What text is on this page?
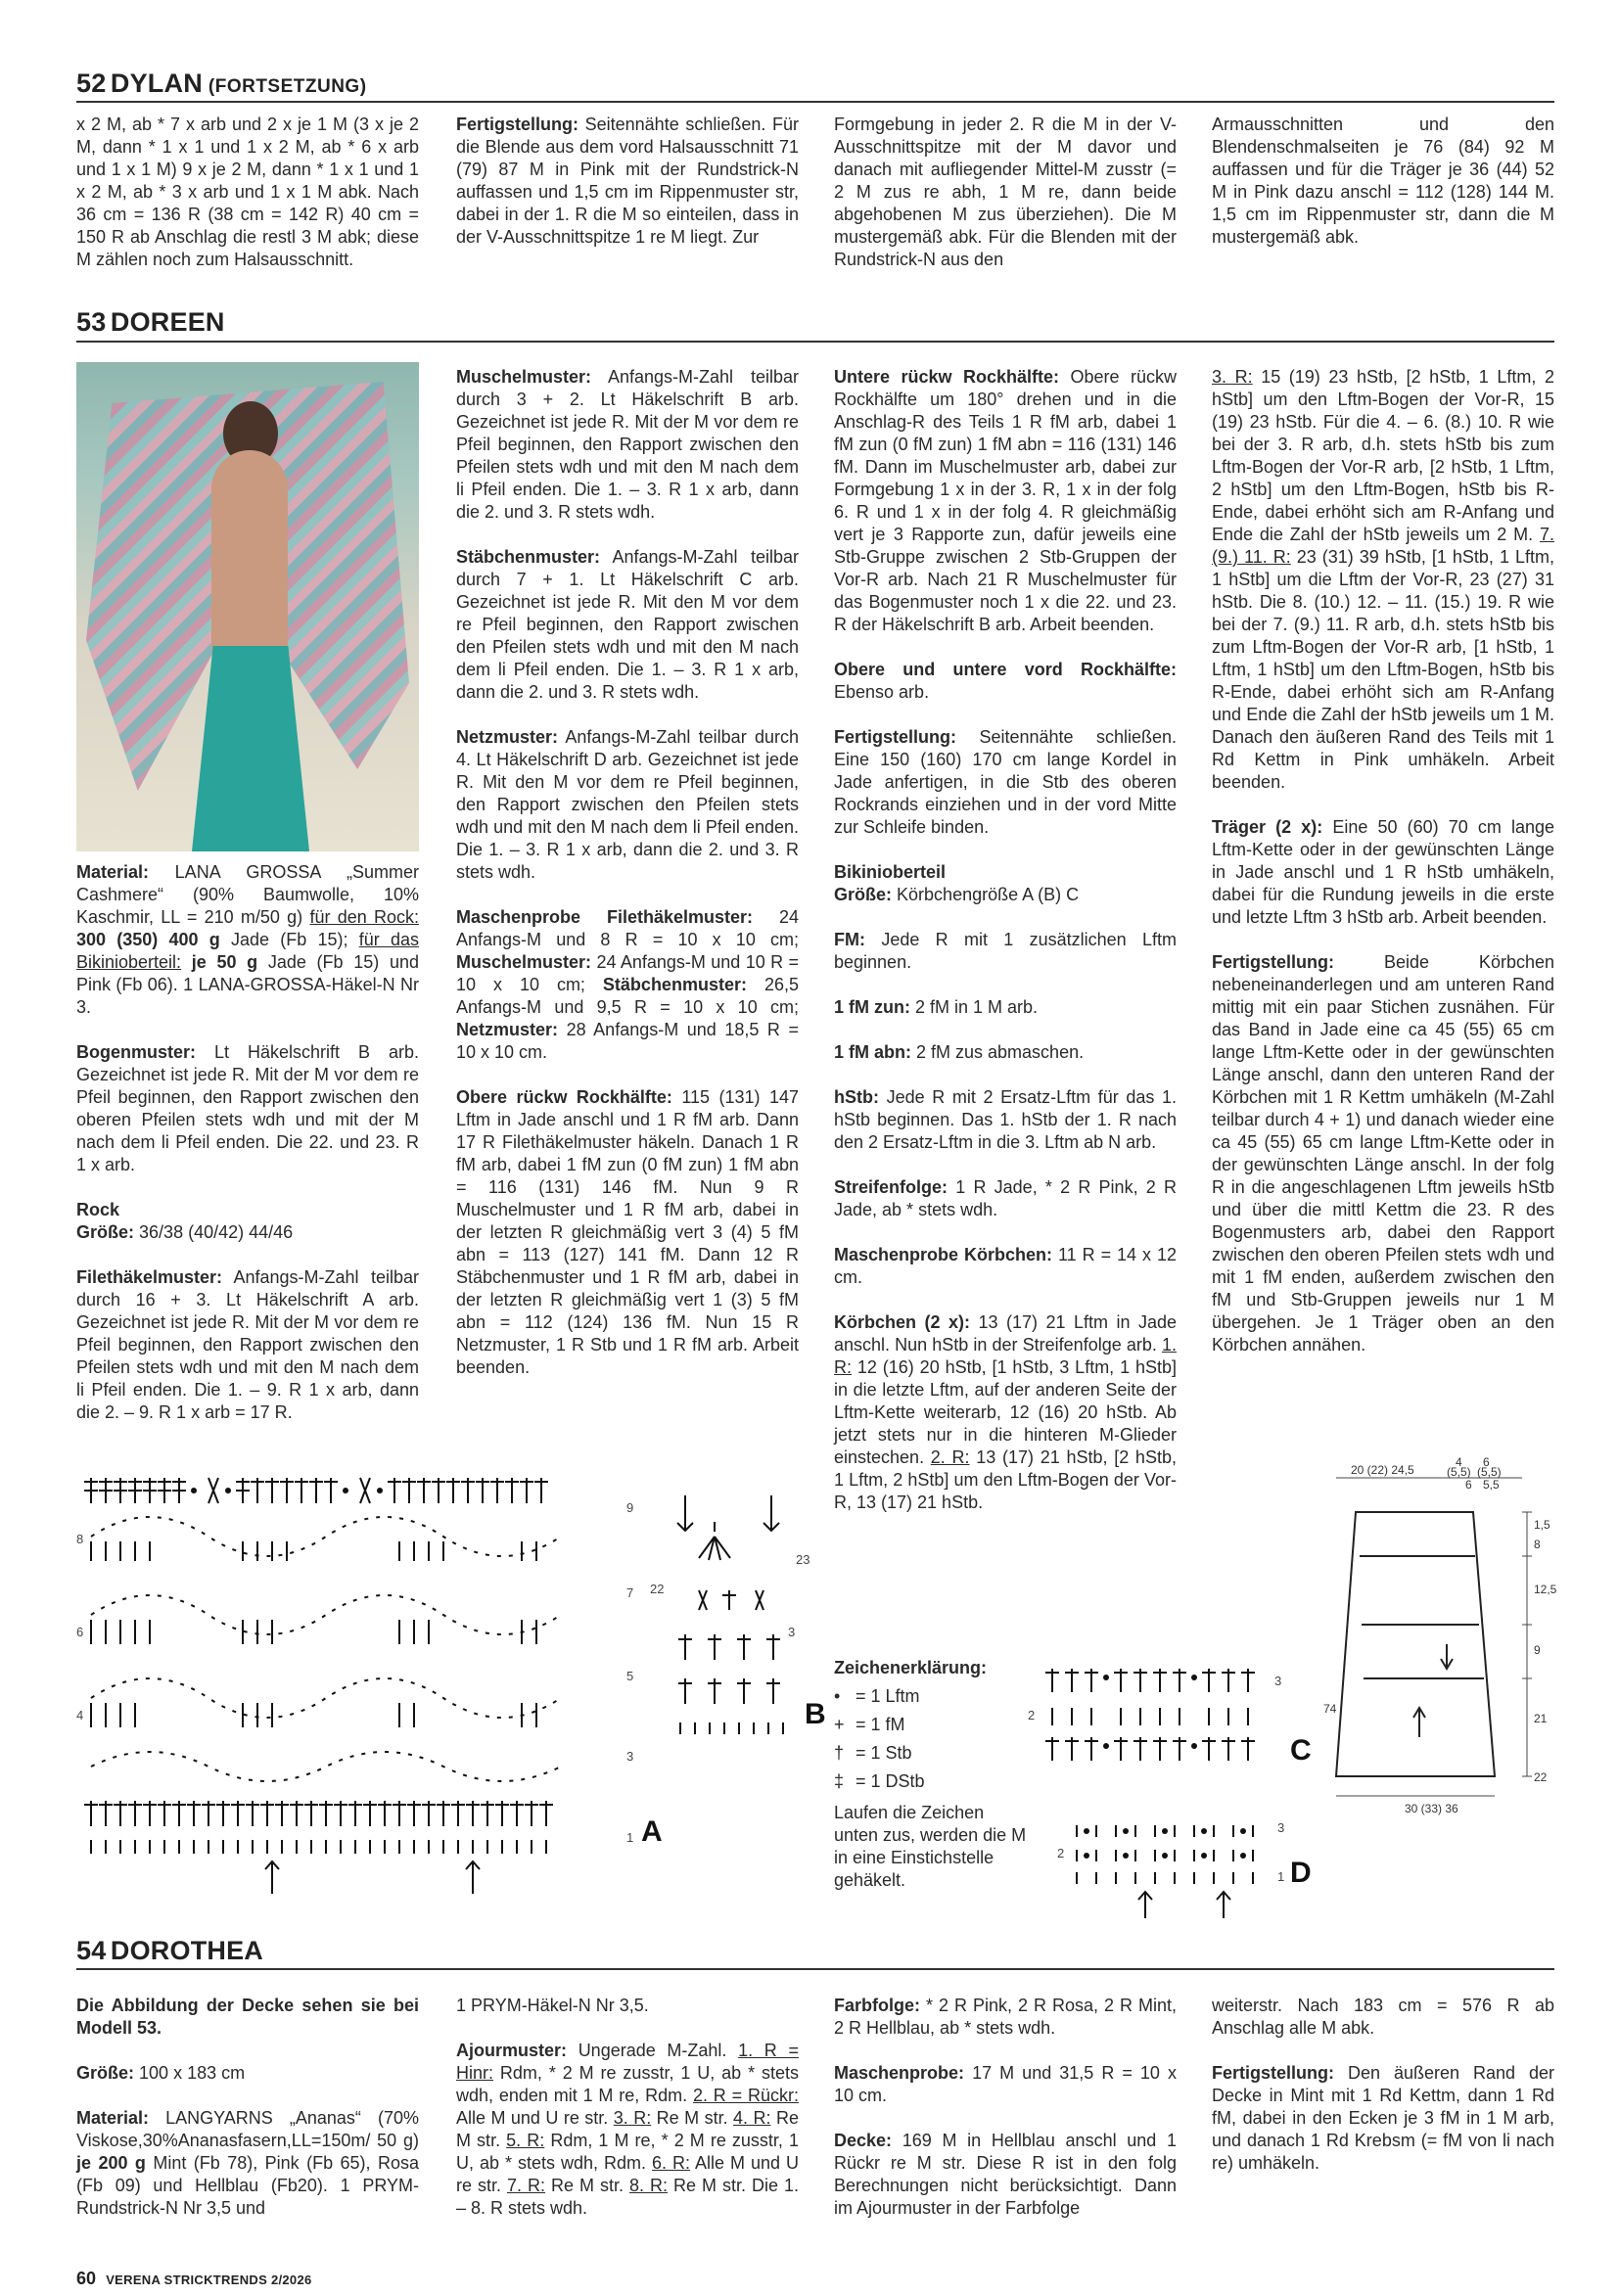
52 DYLAN (FORTSETZUNG)

x 2 M, ab * 7 x arb und 2 x je 1 M (3 x je 2 M, dann * 1 x 1 und 1 x 2 M, ab * 6 x arb und 1 x 1 M) 9 x je 2 M, dann * 1 x 1 und 1 x 2 M, ab * 3 x arb und 1 x 1 M abk. Nach 36 cm = 136 R (38 cm = 142 R) 40 cm = 150 R ab Anschlag die restl 3 M abk; diese M zählen noch zum Halsausschnitt.

Fertigstellung: Seitennähte schließen. Für die Blende aus dem vord Halsausschnitt 71 (79) 87 M in Pink mit der Rundstrick-N auffassen und 1,5 cm im Rippenmuster str, dabei in der 1. R die M so einteilen, dass in der V-Ausschnittspitze 1 re M liegt. Zur

Formgebung in jeder 2. R die M in der V-Ausschnittspitze mit der M davor und danach mit aufliegender Mittel-M zusstr (= 2 M zus re abh, 1 M re, dann beide abgehobenen M zus überziehen). Die M mustergemäß abk. Für die Blenden mit der Rundstrick-N aus den

Armausschnitten und den Blendenschmalseiten je 76 (84) 92 M auffassen und für die Träger je 36 (44) 52 M in Pink dazu anschl = 112 (128) 144 M. 1,5 cm im Rippenmuster str, dann die M mustergemäß abk.

53 DOREEN

Material: LANA GROSSA „Summer Cashmere“ (90% Baumwolle, 10% Kaschmir, LL = 210 m/50 g) für den Rock: 300 (350) 400 g Jade (Fb 15); für das Bikinioberteil: je 50 g Jade (Fb 15) und Pink (Fb 06). 1 LANA-GROSSA-Häkel-N Nr 3.

Bogenmuster: Lt Häkelschrift B arb. Gezeichnet ist jede R. Mit der M vor dem re Pfeil beginnen, den Rapport zwischen den oberen Pfeilen stets wdh und mit der M nach dem li Pfeil enden. Die 22. und 23. R 1 x arb.

Rock

Größe: 36/38 (40/42) 44/46

Filethäkelmuster: Anfangs-M-Zahl teilbar durch 16 + 3. Lt Häkelschrift A arb. Gezeichnet ist jede R. Mit der M vor dem re Pfeil beginnen, den Rapport zwischen den Pfeilen stets wdh und mit den M nach dem li Pfeil enden. Die 1. – 9. R 1 x arb, dann die 2. – 9. R 1 x arb = 17 R.

Muschelmuster: Anfangs-M-Zahl teilbar durch 3 + 2. Lt Häkelschrift B arb. Gezeichnet ist jede R. Mit der M vor dem re Pfeil beginnen, den Rapport zwischen den Pfeilen stets wdh und mit den M nach dem li Pfeil enden. Die 1. – 3. R 1 x arb, dann die 2. und 3. R stets wdh.

Stäbchenmuster: Anfangs-M-Zahl teilbar durch 7 + 1. Lt Häkelschrift C arb. Gezeichnet ist jede R. Mit den M vor dem re Pfeil beginnen, den Rapport zwischen den Pfeilen stets wdh und mit den M nach dem li Pfeil enden. Die 1. – 3. R 1 x arb, dann die 2. und 3. R stets wdh.

Netzmuster: Anfangs-M-Zahl teilbar durch 4. Lt Häkelschrift D arb. Gezeichnet ist jede R. Mit den M vor dem re Pfeil beginnen, den Rapport zwischen den Pfeilen stets wdh und mit den M nach dem li Pfeil enden. Die 1. – 3. R 1 x arb, dann die 2. und 3. R stets wdh.

Maschenprobe Filethäkelmuster: 24 Anfangs-M und 8 R = 10 x 10 cm; Muschelmuster: 24 Anfangs-M und 10 R = 10 x 10 cm; Stäbchenmuster: 26,5 Anfangs-M und 9,5 R = 10 x 10 cm; Netzmuster: 28 Anfangs-M und 18,5 R = 10 x 10 cm.

Obere rückw Rockhälfte: 115 (131) 147 Lftm in Jade anschl und 1 R fM arb. Dann 17 R Filethäkelmuster häkeln. Danach 1 R fM arb, dabei 1 fM zun (0 fM zun) 1 fM abn = 116 (131) 146 fM. Nun 9 R Muschelmuster und 1 R fM arb, dabei in der letzten R gleichmäßig vert 3 (4) 5 fM abn = 113 (127) 141 fM. Dann 12 R Stäbchenmuster und 1 R fM arb, dabei in der letzten R gleichmäßig vert 1 (3) 5 fM abn = 112 (124) 136 fM. Nun 15 R Netzmuster, 1 R Stb und 1 R fM arb. Arbeit beenden.

Untere rückw Rockhälfte: Obere rückw Rockhälfte um 180° drehen und in die Anschlag-R des Teils 1 R fM arb, dabei 1 fM zun (0 fM zun) 1 fM abn = 116 (131) 146 fM. Dann im Muschelmuster arb, dabei zur Formgebung 1 x in der 3. R, 1 x in der folg 6. R und 1 x in der folg 4. R gleichmäßig vert je 3 Rapporte zun, dafür jeweils eine Stb-Gruppe zwischen 2 Stb-Gruppen der Vor-R arb. Nach 21 R Muschelmuster für das Bogenmuster noch 1 x die 22. und 23. R der Häkelschrift B arb. Arbeit beenden.

Obere und untere vord Rockhälfte: Ebenso arb.

Fertigstellung: Seitennähte schließen. Eine 150 (160) 170 cm lange Kordel in Jade anfertigen, in die Stb des oberen Rockrands einziehen und in der vord Mitte zur Schleife binden.

Bikinioberteil

Größe: Körbchengröße A (B) C

FM: Jede R mit 1 zusätzlichen Lftm beginnen.

1 fM zun: 2 fM in 1 M arb.

1 fM abn: 2 fM zus abmaschen.

hStb: Jede R mit 2 Ersatz-Lftm für das 1. hStb beginnen. Das 1. hStb der 1. R nach den 2 Ersatz-Lftm in die 3. Lftm ab N arb.

Streifenfolge: 1 R Jade, * 2 R Pink, 2 R Jade, ab * stets wdh.

Maschenprobe Körbchen: 11 R = 14 x 12 cm.

Körbchen (2 x): 13 (17) 21 Lftm in Jade anschl. Nun hStb in der Streifenfolge arb. 1. R: 12 (16) 20 hStb, [1 hStb, 3 Lftm, 1 hStb] in die letzte Lftm, auf der anderen Seite der Lftm-Kette weiterarb, 12 (16) 20 hStb. Ab jetzt stets nur in die hinteren M-Glieder einstechen. 2. R: 13 (17) 21 hStb, [2 hStb, 1 Lftm, 2 hStb] um den Lftm-Bogen der Vor-R, 13 (17) 21 hStb.

3. R: 15 (19) 23 hStb, [2 hStb, 1 Lftm, 2 hStb] um den Lftm-Bogen der Vor-R, 15 (19) 23 hStb. Für die 4. – 6. (8.) 10. R wie bei der 3. R arb, d.h. stets hStb bis zum Lftm-Bogen der Vor-R arb, [2 hStb, 1 Lftm, 2 hStb] um den Lftm-Bogen, hStb bis R-Ende, dabei erhöht sich am R-Anfang und Ende die Zahl der hStb jeweils um 2 M. 7. (9.) 11. R: 23 (31) 39 hStb, [1 hStb, 1 Lftm, 1 hStb] um die Lftm der Vor-R, 23 (27) 31 hStb. Die 8. (10.) 12. – 11. (15.) 19. R wie bei der 7. (9.) 11. R arb, d.h. stets hStb bis zum Lftm-Bogen der Vor-R arb, [1 hStb, 1 Lftm, 1 hStb] um den Lftm-Bogen, hStb bis R-Ende, dabei erhöht sich am R-Anfang und Ende die Zahl der hStb jeweils um 1 M. Danach den äußeren Rand des Teils mit 1 Rd Kettm in Pink umhäkeln. Arbeit beenden.

Träger (2 x): Eine 50 (60) 70 cm lange Lftm-Kette oder in der gewünschten Länge in Jade anschl und 1 R hStb umhäkeln, dabei für die Rundung jeweils in die erste und letzte Lftm 3 hStb arb. Arbeit beenden.

Fertigstellung:	Beide Körbchen nebeneinanderlegen und am unteren Rand mittig mit ein paar Stichen zusnähen. Für das Band in Jade eine ca 45 (55) 65 cm lange Lftm-Kette oder in der gewünschten Länge anschl, dann den unteren Rand der Körbchen mit 1 R Kettm umhäkeln (M-Zahl teilbar durch 4 + 1) und danach wieder eine ca 45 (55) 65 cm lange Lftm-Kette oder in der gewünschten Länge anschl. In der folg R in die angeschlagenen Lftm jeweils hStb und über die mittl Kettm die 23. R des Bogenmusters arb, dabei den Rapport zwischen den oberen Pfeilen stets wdh und mit 1 fM enden, außerdem zwischen den fM und Stb-Gruppen jeweils nur 1 M übergehen. Je 1 Träger oben an den Körbchen annähen.

8
6
4
9
7
5
3
1 A
23
22
3
B
Zeichenerklärung:
• = 1 Lftm
+ = 1 fM
† = 1 Stb
‡ = 1 DStb
Laufen die Zeichen unten zus, werden die M in eine Einstichstelle gehäkelt.
3
2
C
3
2
1 D
20 (22) 24,5
4 6
(5,5) (5,5)
6 5,5
1,5
8
12,5
9
21
22
74
30 (33) 36
54 DOROTHEA

Die Abbildung der Decke sehen sie bei Modell 53.

Größe: 100 x 183 cm

Material: LANGYARNS „Ananas“ (70% Viskose,30%Ananasfasern,LL=150m/ 50 g) je 200 g Mint (Fb 78), Pink (Fb 65), Rosa (Fb 09) und Hellblau (Fb20). 1 PRYM-Rundstrick-N Nr 3,5 und

1 PRYM-Häkel-N Nr 3,5.

Ajourmuster: Ungerade M-Zahl. 1. R = Hinr: Rdm, * 2 M re zusstr, 1 U, ab * stets wdh, enden mit 1 M re, Rdm. 2. R = Rückr: Alle M und U re str. 3. R: Re M str. 4. R: Re M str. 5. R: Rdm, 1 M re, * 2 M re zusstr, 1 U, ab * stets wdh, Rdm. 6. R: Alle M und U re str. 7. R: Re M str. 8. R: Re M str. Die 1. – 8. R stets wdh.

Farbfolge: * 2 R Pink, 2 R Rosa, 2 R Mint, 2 R Hellblau, ab * stets wdh.

Maschenprobe: 17 M und 31,5 R = 10 x 10 cm.

Decke: 169 M in Hellblau anschl und 1 Rückr re M str. Diese R ist in den folg Berechnungen nicht berücksichtigt. Dann im Ajourmuster in der Farbfolge

weiterstr. Nach 183 cm = 576 R ab Anschlag alle M abk.

Fertigstellung: Den äußeren Rand der Decke in Mint mit 1 Rd Kettm, dann 1 Rd fM, dabei in den Ecken je 3 fM in 1 M arb, und danach 1 Rd Krebsm (= fM von li nach re) umhäkeln.

60 VERENA STRICKTRENDS 2/2026
